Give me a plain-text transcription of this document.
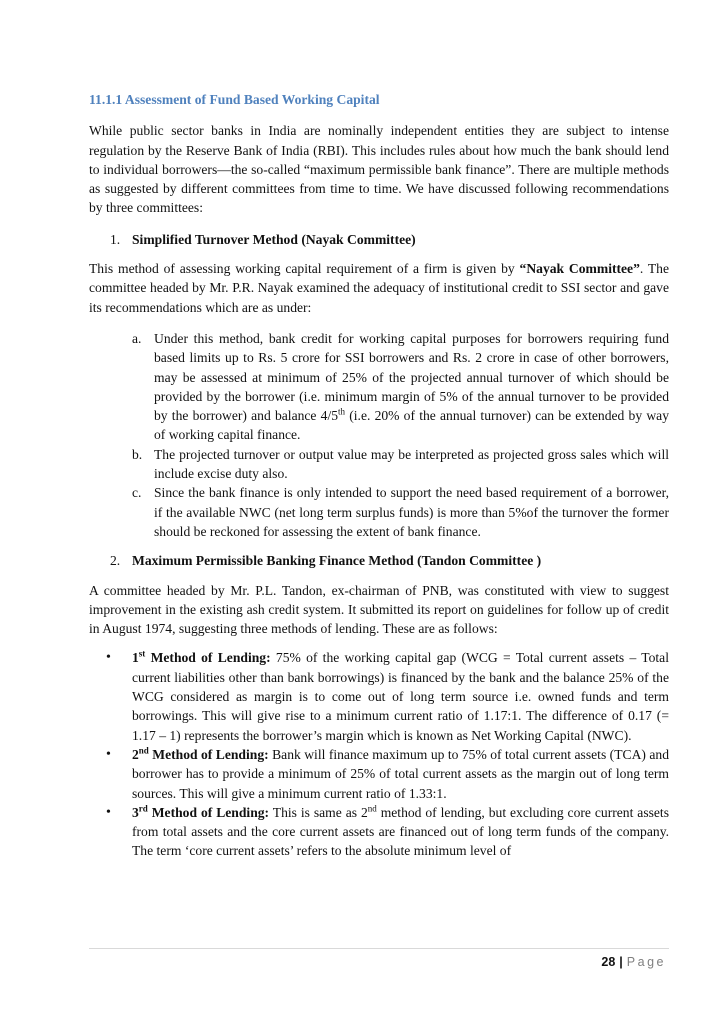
11.1.1 Assessment of Fund Based Working Capital

While public sector banks in India are nominally independent entities they are subject to intense regulation by the Reserve Bank of India (RBI). This includes rules about how much the bank should lend to individual borrowers—the so-called “maximum permissible bank finance”. There are multiple methods as suggested by different committees from time to time. We have discussed following recommendations by three committees:

1. Simplified Turnover Method (Nayak Committee)

This method of assessing working capital requirement of a firm is given by “Nayak Committee”. The committee headed by Mr. P.R. Nayak examined the adequacy of institutional credit to SSI sector and gave its recommendations which are as under:

a. Under this method, bank credit for working capital purposes for borrowers requiring fund based limits up to Rs. 5 crore for SSI borrowers and Rs. 2 crore in case of other borrowers, may be assessed at minimum of 25% of the projected annual turnover of which should be provided by the borrower (i.e. minimum margin of 5% of the annual turnover to be provided by the borrower) and balance 4/5th (i.e. 20% of the annual turnover) can be extended by way of working capital finance.
b. The projected turnover or output value may be interpreted as projected gross sales which will include excise duty also.
c. Since the bank finance is only intended to support the need based requirement of a borrower, if the available NWC (net long term surplus funds) is more than 5%of the turnover the former should be reckoned for assessing the extent of bank finance.
2. Maximum Permissible Banking Finance Method (Tandon Committee )

A committee headed by Mr. P.L. Tandon, ex-chairman of PNB, was constituted with view to suggest improvement in the existing ash credit system. It submitted its report on guidelines for follow up of credit in August 1974, suggesting three methods of lending. These are as follows:

• 1st Method of Lending: 75% of the working capital gap (WCG = Total current assets – Total current liabilities other than bank borrowings) is financed by the bank and the balance 25% of the WCG considered as margin is to come out of long term source i.e. owned funds and term borrowings. This will give rise to a minimum current ratio of 1.17:1. The difference of 0.17 (= 1.17 – 1) represents the borrower’s margin which is known as Net Working Capital (NWC).
• 2nd Method of Lending: Bank will finance maximum up to 75% of total current assets (TCA) and borrower has to provide a minimum of 25% of total current assets as the margin out of long term sources. This will give a minimum current ratio of 1.33:1.
• 3rd Method of Lending: This is same as 2nd method of lending, but excluding core current assets from total assets and the core current assets are financed out of long term funds of the company. The term ‘core current assets’ refers to the absolute minimum level of
28 | Page
